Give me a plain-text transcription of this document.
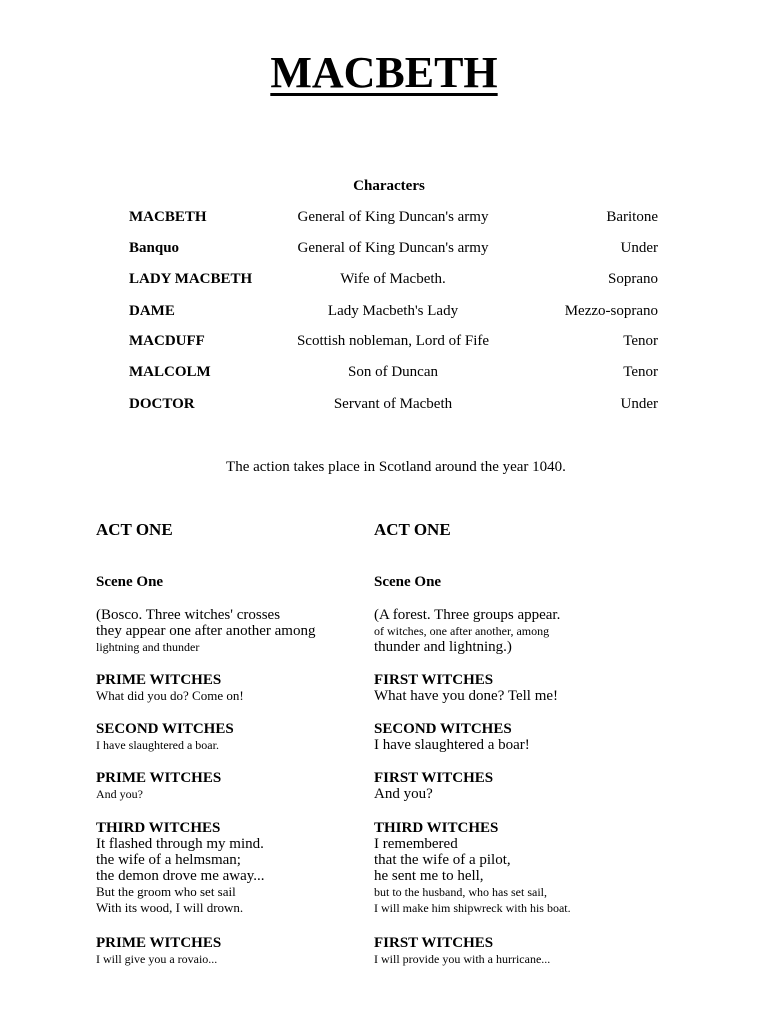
MACBETH
Characters
MACBETH	General of King Duncan's army	Baritone
Banquo	General of King Duncan's army	Under
LADY MACBETH	Wife of Macbeth.	Soprano
DAME	Lady Macbeth's Lady	Mezzo-soprano
MACDUFF	Scottish nobleman, Lord of Fife	Tenor
MALCOLM	Son of Duncan	Tenor
DOCTOR	Servant of Macbeth	Under
The action takes place in Scotland around the year 1040.
ACT ONE
Scene One
(Bosco. Three witches' crosses
they appear one after another among
lightning and thunder
PRIME WITCHES
What did you do? Come on!
SECOND WITCHES
I have slaughtered a boar.
PRIME WITCHES
And you?
THIRD WITCHES
It flashed through my mind.
the wife of a helmsman;
the demon drove me away...
But the groom who set sail
With its wood, I will drown.
PRIME WITCHES
I will give you a rovaio...
ACT ONE
Scene One
(A forest. Three groups appear.
of witches, one after another, among
thunder and lightning.)
FIRST WITCHES
What have you done? Tell me!
SECOND WITCHES
I have slaughtered a boar!
FIRST WITCHES
And you?
THIRD WITCHES
I remembered
that the wife of a pilot,
he sent me to hell,
but to the husband, who has set sail,
I will make him shipwreck with his boat.
FIRST WITCHES
I will provide you with a hurricane...
